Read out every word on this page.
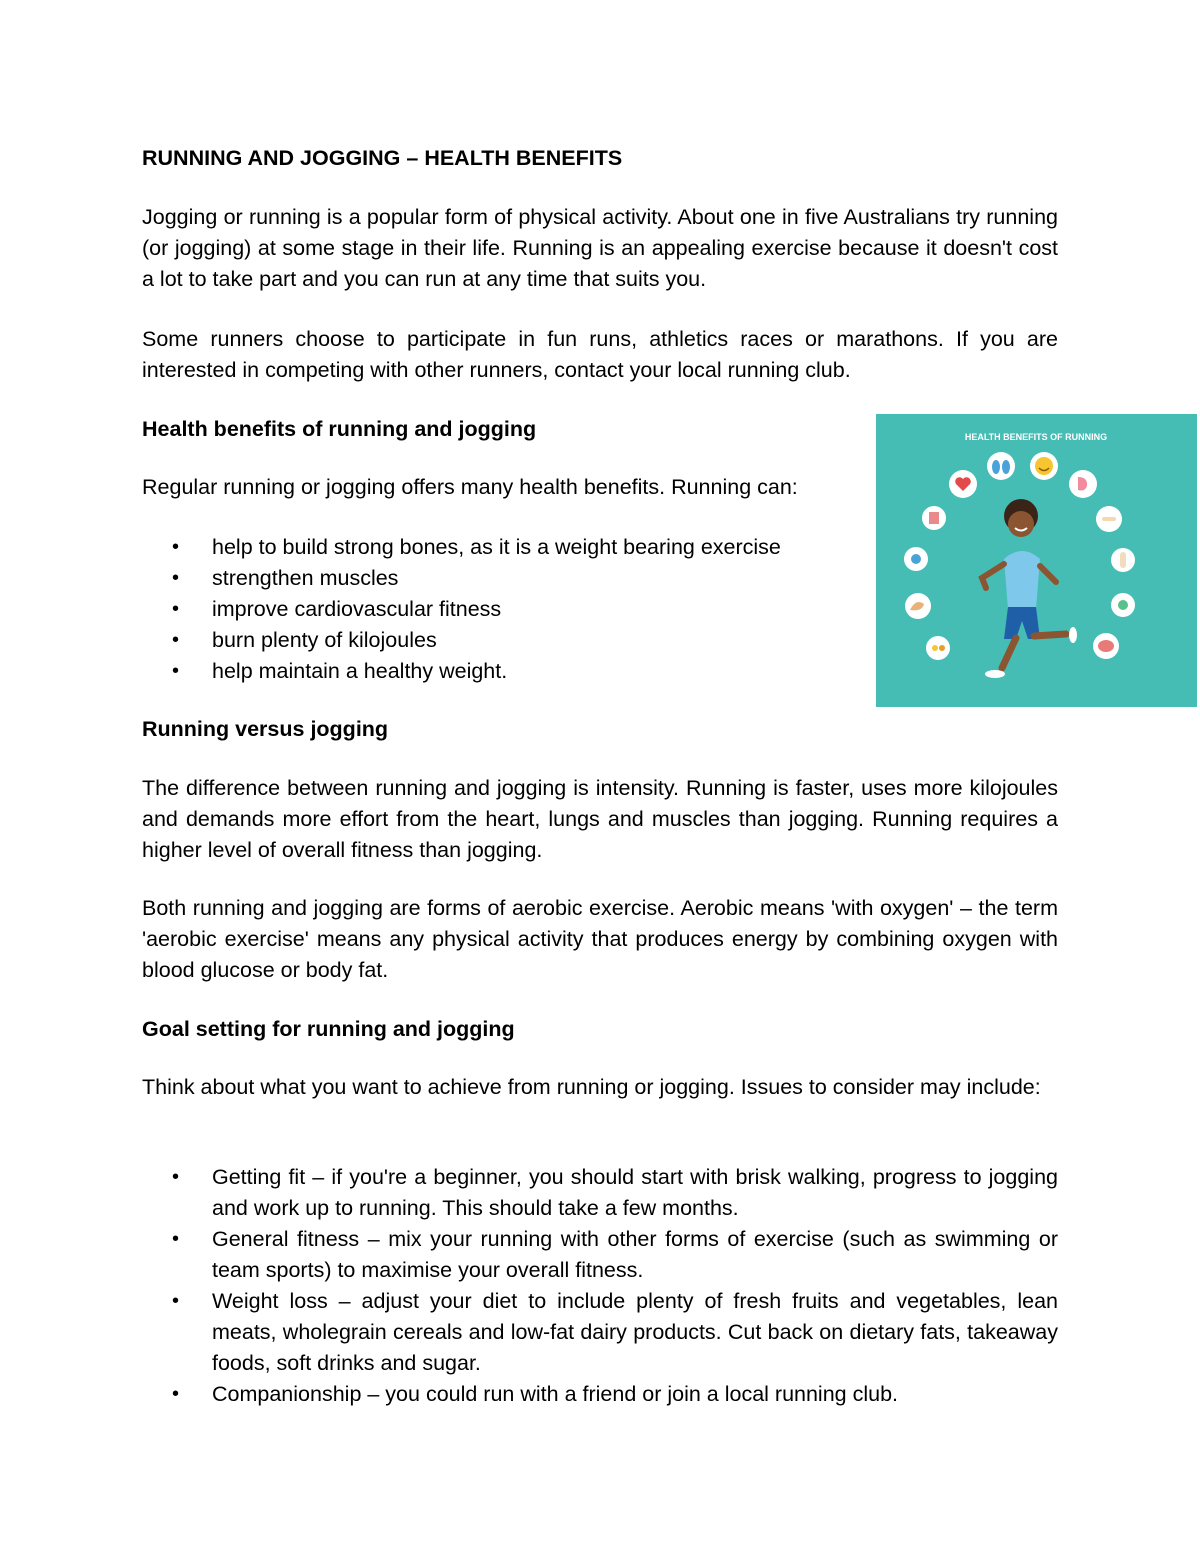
RUNNING AND JOGGING – HEALTH BENEFITS

Jogging or running is a popular form of physical activity. About one in five Australians try running (or jogging) at some stage in their life. Running is an appealing exercise because it doesn't cost a lot to take part and you can run at any time that suits you.

Some runners choose to participate in fun runs, athletics races or marathons. If you are interested in competing with other runners, contact your local running club.

Health benefits of running and jogging

Regular running or jogging offers many health benefits. Running can:

• help to build strong bones, as it is a weight bearing exercise
• strengthen muscles
• improve cardiovascular fitness
• burn plenty of kilojoules
• help maintain a healthy weight.

Running versus jogging

The difference between running and jogging is intensity. Running is faster, uses more kilojoules and demands more effort from the heart, lungs and muscles than jogging. Running requires a higher level of overall fitness than jogging.

Both running and jogging are forms of aerobic exercise. Aerobic means 'with oxygen' – the term 'aerobic exercise' means any physical activity that produces energy by combining oxygen with blood glucose or body fat.

Goal setting for running and jogging

Think about what you want to achieve from running or jogging. Issues to consider may include:

• Getting fit – if you're a beginner, you should start with brisk walking, progress to jogging and work up to running. This should take a few months.
• General fitness – mix your running with other forms of exercise (such as swimming or team sports) to maximise your overall fitness.
• Weight loss – adjust your diet to include plenty of fresh fruits and vegetables, lean meats, wholegrain cereals and low-fat dairy products. Cut back on dietary fats, takeaway foods, soft drinks and sugar.
• Companionship – you could run with a friend or join a local running club.
HEALTH BENEFITS OF RUNNING
